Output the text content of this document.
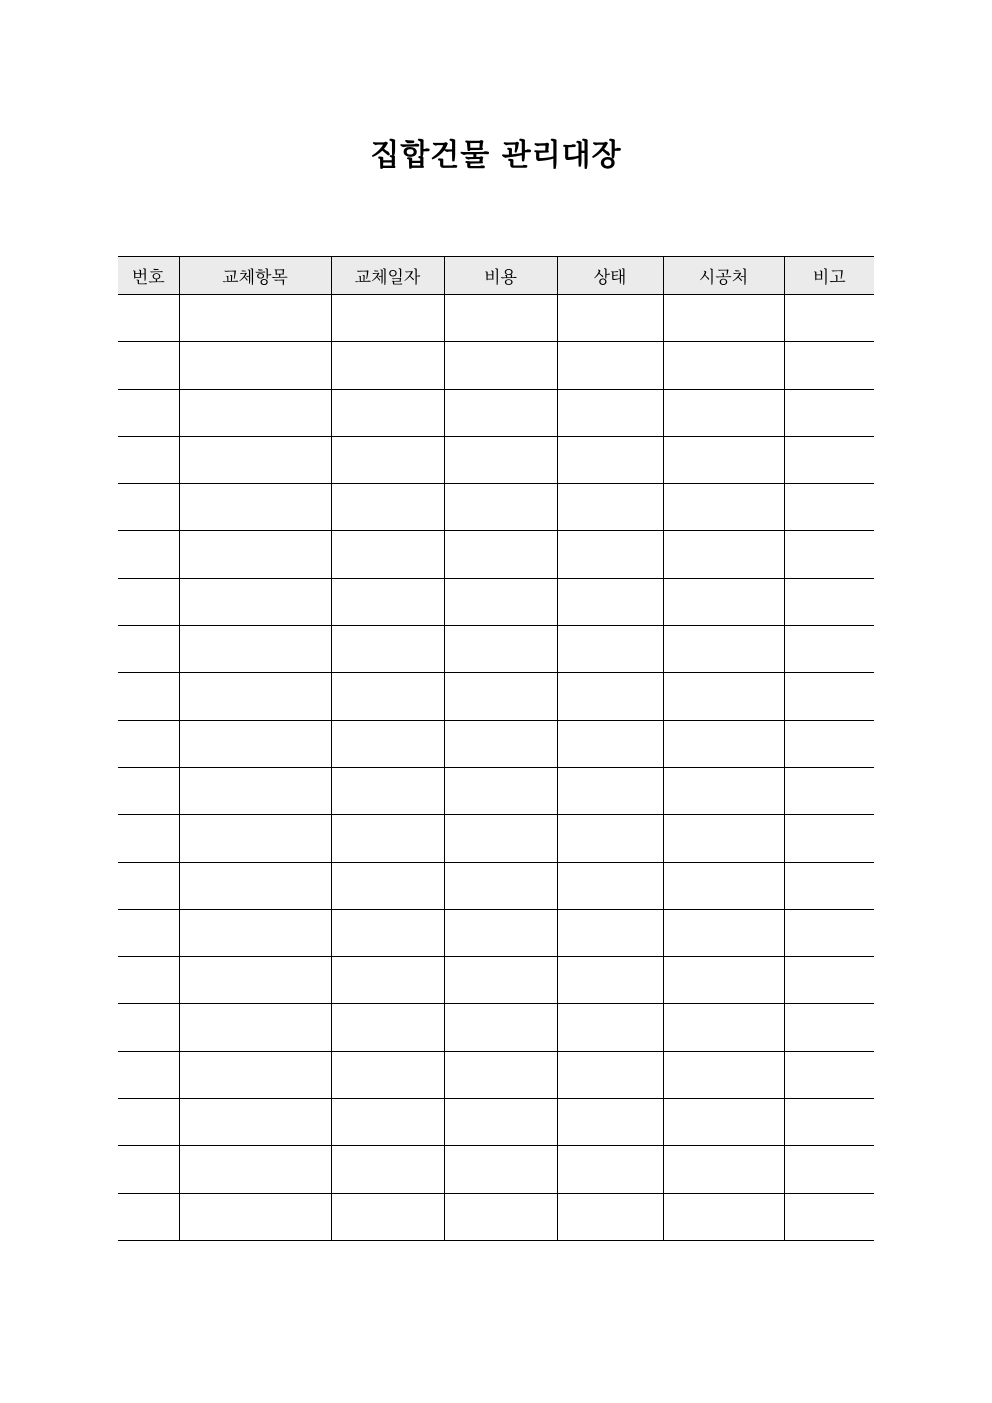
집합건물 관리대장
번호	교체항목	교체일자	비용	상태	시공처	비고
